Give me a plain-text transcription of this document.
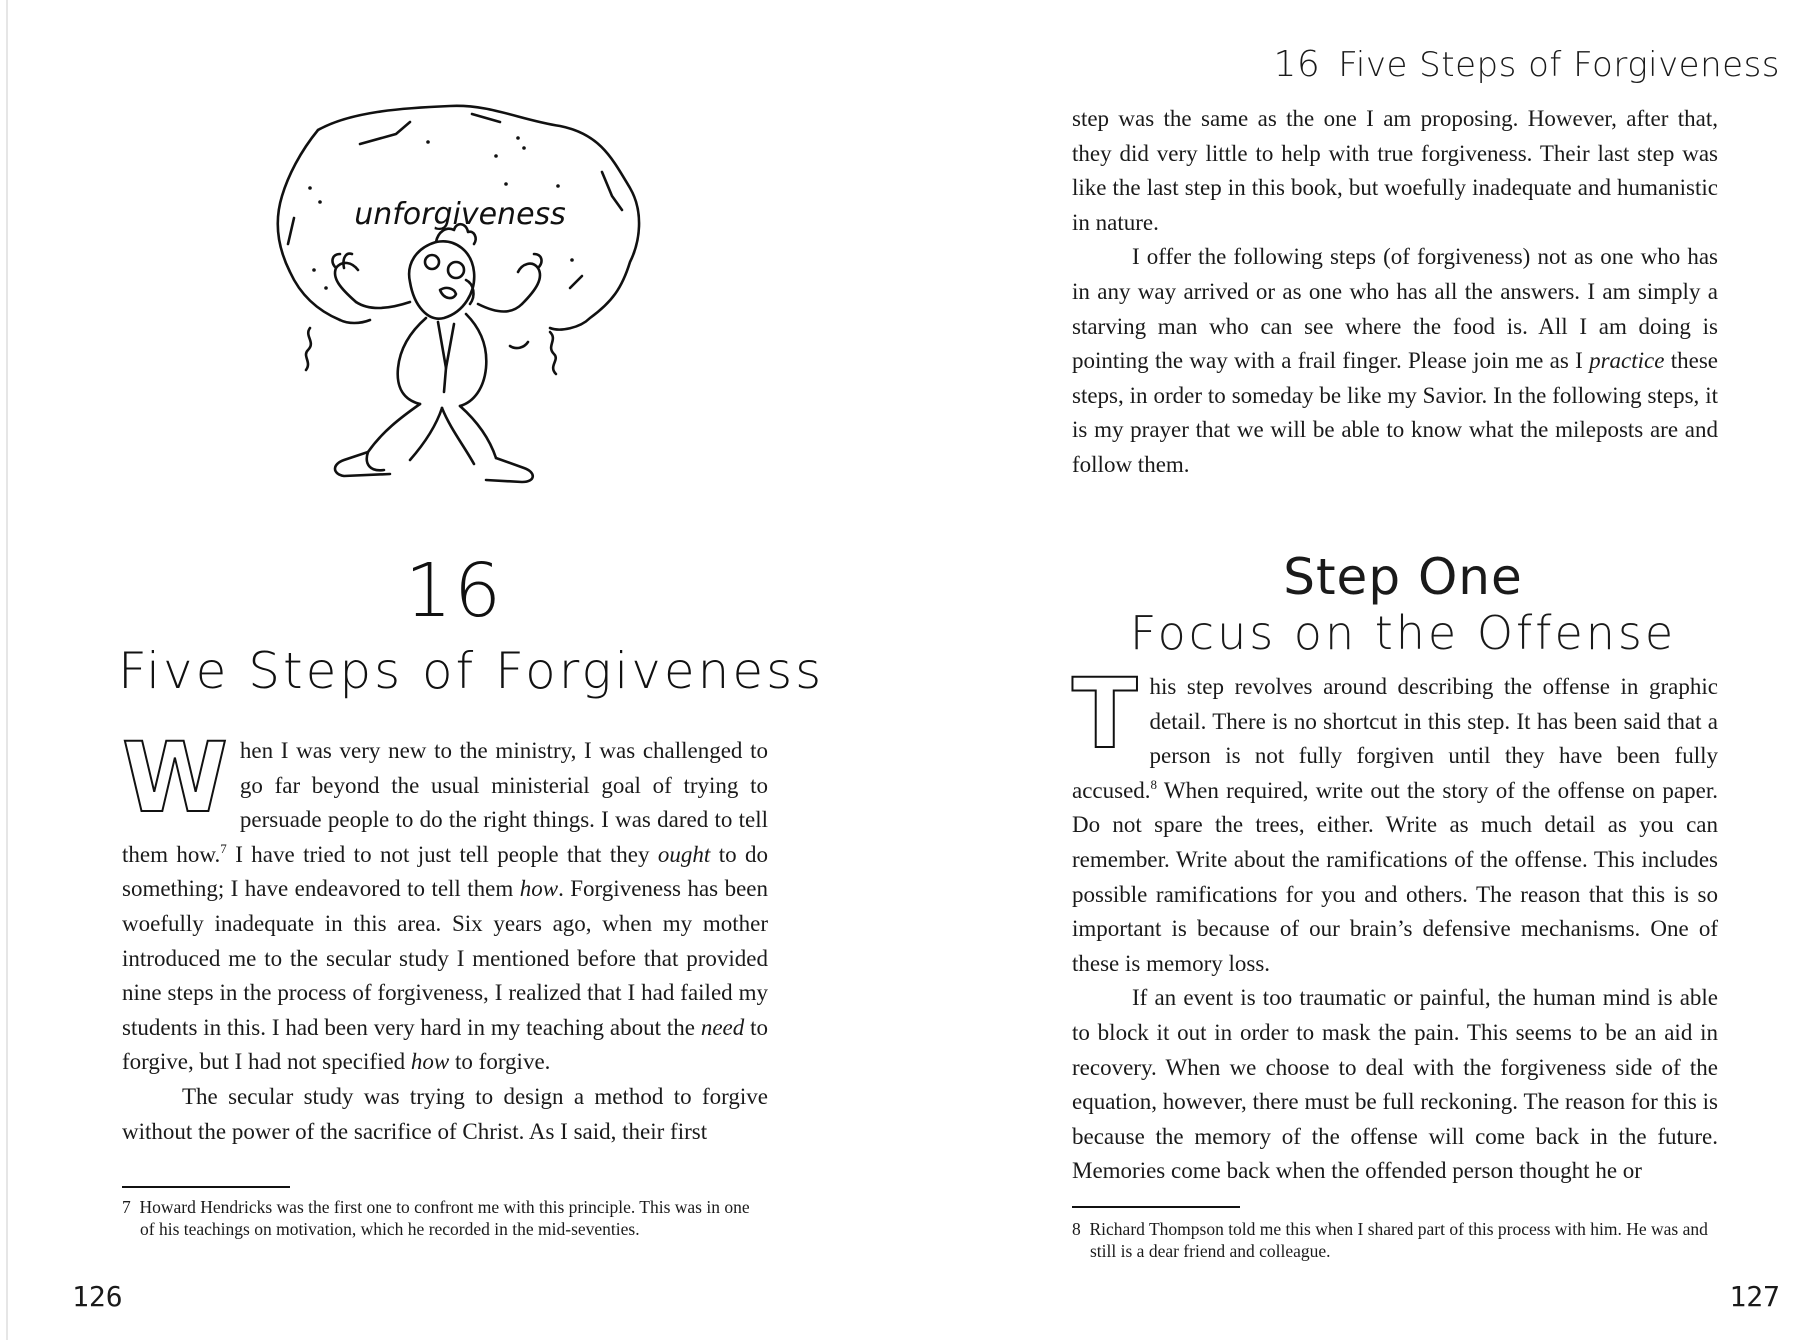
unforgiveness
16
Five Steps of Forgiveness

When I was very new to the ministry, I was challenged to go far beyond the usual ministerial goal of trying to persuade people to do the right things. I was dared to tell them how.$^7$ I have tried to not just tell people that they ought to do something; I have endeavored to tell them how. Forgiveness has been woefully inadequate in this area. Six years ago, when my mother introduced me to the secular study I mentioned before that provided nine steps in the process of forgiveness, I realized that I had failed my students in this. I had been very hard in my teaching about the need to forgive, but I had not specified how to forgive.

The secular study was trying to design a method to forgive without the power of the sacrifice of Christ. As I said, their first

7 Howard Hendricks was the first one to confront me with this principle. This was in one of his teachings on motivation, which he recorded in the mid-seventies.
126
16 Five Steps of Forgiveness

step was the same as the one I am proposing. However, after that, they did very little to help with true forgiveness. Their last step was like the last step in this book, but woefully inadequate and humanistic in nature.

I offer the following steps (of forgiveness) not as one who has in any way arrived or as one who has all the answers. I am simply a starving man who can see where the food is. All I am doing is pointing the way with a frail finger. Please join me as I practice these steps, in order to someday be like my Savior. In the following steps, it is my prayer that we will be able to know what the mileposts are and follow them.

Step One
Focus on the Offense

This step revolves around describing the offense in graphic detail. There is no shortcut in this step. It has been said that a person is not fully forgiven until they have been fully accused.$^8$ When required, write out the story of the offense on paper. Do not spare the trees, either. Write as much detail as you can remember. Write about the ramifications of the offense. This includes possible ramifications for you and others. The reason that this is so important is because of our brain’s defensive mechanisms. One of these is memory loss.

If an event is too traumatic or painful, the human mind is able to block it out in order to mask the pain. This seems to be an aid in recovery. When we choose to deal with the forgiveness side of the equation, however, there must be full reckoning. The reason for this is because the memory of the offense will come back in the future. Memories come back when the offended person thought he or

8 Richard Thompson told me this when I shared part of this process with him. He was and still is a dear friend and colleague.
127
